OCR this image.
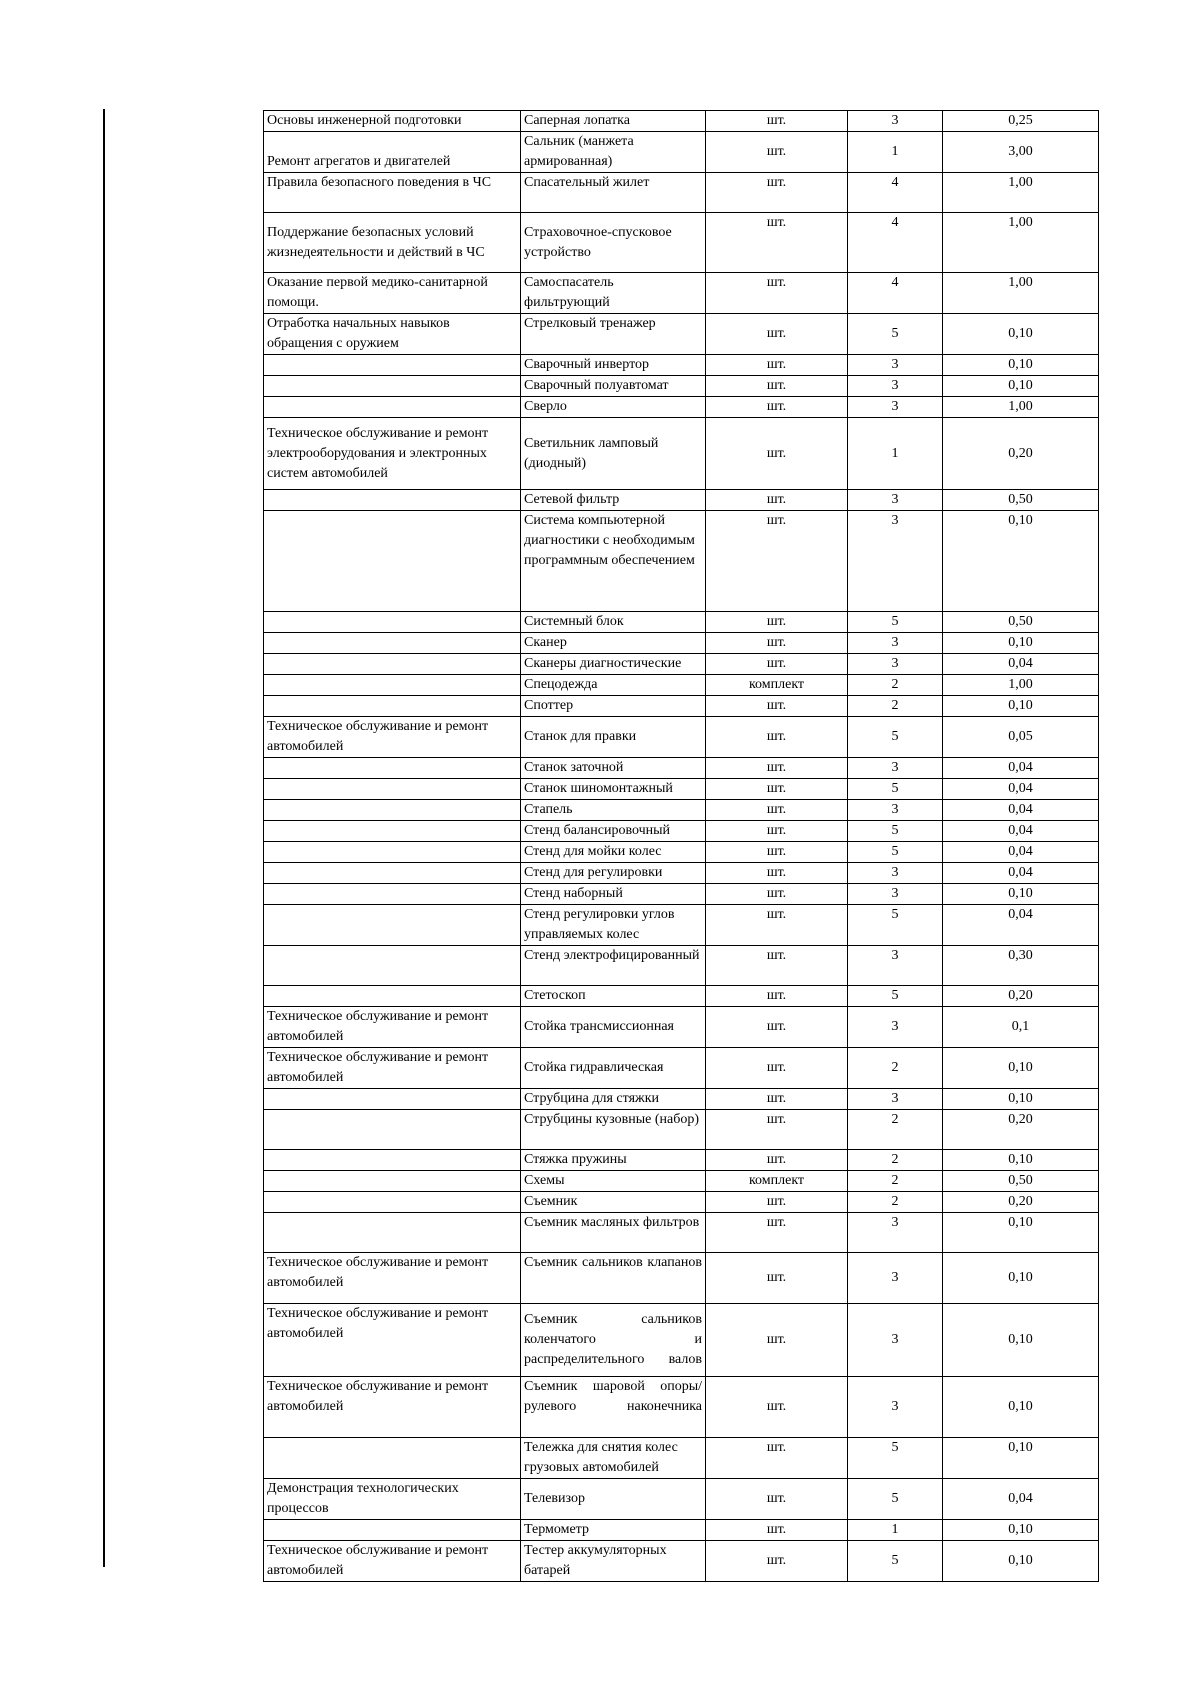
Основы инженерной подготовки	Саперная лопатка	шт.	3	0,25
Ремонт агрегатов и двигателей	Сальник (манжета армированная)	шт.	1	3,00
Правила безопасного поведения в ЧС	Спасательный жилет	шт.	4	1,00
Поддержание безопасных условий жизнедеятельности и действий в ЧС	Страховочное-спусковое устройство	шт.	4	1,00
Оказание первой медико-санитарной помощи.	Самоспасатель фильтрующий	шт.	4	1,00
Отработка начальных навыков обращения с оружием	Стрелковый тренажер	шт.	5	0,10
	Сварочный инвертор	шт.	3	0,10
	Сварочный полуавтомат	шт.	3	0,10
	Сверло	шт.	3	1,00
Техническое обслуживание и ремонт электрооборудования и электронных систем автомобилей	Светильник ламповый (диодный)	шт.	1	0,20
	Сетевой фильтр	шт.	3	0,50
	Система компьютерной диагностики с необходимым программным обеспечением	шт.	3	0,10
	Системный блок	шт.	5	0,50
	Сканер	шт.	3	0,10
	Сканеры диагностические	шт.	3	0,04
	Спецодежда	комплект	2	1,00
	Споттер	шт.	2	0,10
Техническое обслуживание и ремонт автомобилей	Станок для правки	шт.	5	0,05
	Станок заточной	шт.	3	0,04
	Станок шиномонтажный	шт.	5	0,04
	Стапель	шт.	3	0,04
	Стенд балансировочный	шт.	5	0,04
	Стенд для мойки колес	шт.	5	0,04
	Стенд для регулировки	шт.	3	0,04
	Стенд наборный	шт.	3	0,10
	Стенд регулировки углов управляемых колес	шт.	5	0,04
	Стенд электрофицированный	шт.	3	0,30
	Стетоскоп	шт.	5	0,20
Техническое обслуживание и ремонт автомобилей	Стойка трансмиссионная	шт.	3	0,1
Техническое обслуживание и ремонт автомобилей	Стойка гидравлическая	шт.	2	0,10
	Струбцина для стяжки	шт.	3	0,10
	Струбцины кузовные (набор)	шт.	2	0,20
	Стяжка пружины	шт.	2	0,10
	Схемы	комплект	2	0,50
	Съемник	шт.	2	0,20
	Съемник масляных фильтров	шт.	3	0,10
Техническое обслуживание и ремонт автомобилей	Съемник сальников клапанов	шт.	3	0,10
Техническое обслуживание и ремонт автомобилей	Съемник сальников коленчатого и распределительного валов	шт.	3	0,10
Техническое обслуживание и ремонт автомобилей	Съемник шаровой опоры/рулевого наконечника	шт.	3	0,10
	Тележка для снятия колес грузовых автомобилей	шт.	5	0,10
Демонстрация технологических процессов	Телевизор	шт.	5	0,04
	Термометр	шт.	1	0,10
Техническое обслуживание и ремонт автомобилей	Тестер аккумуляторных батарей	шт.	5	0,10
